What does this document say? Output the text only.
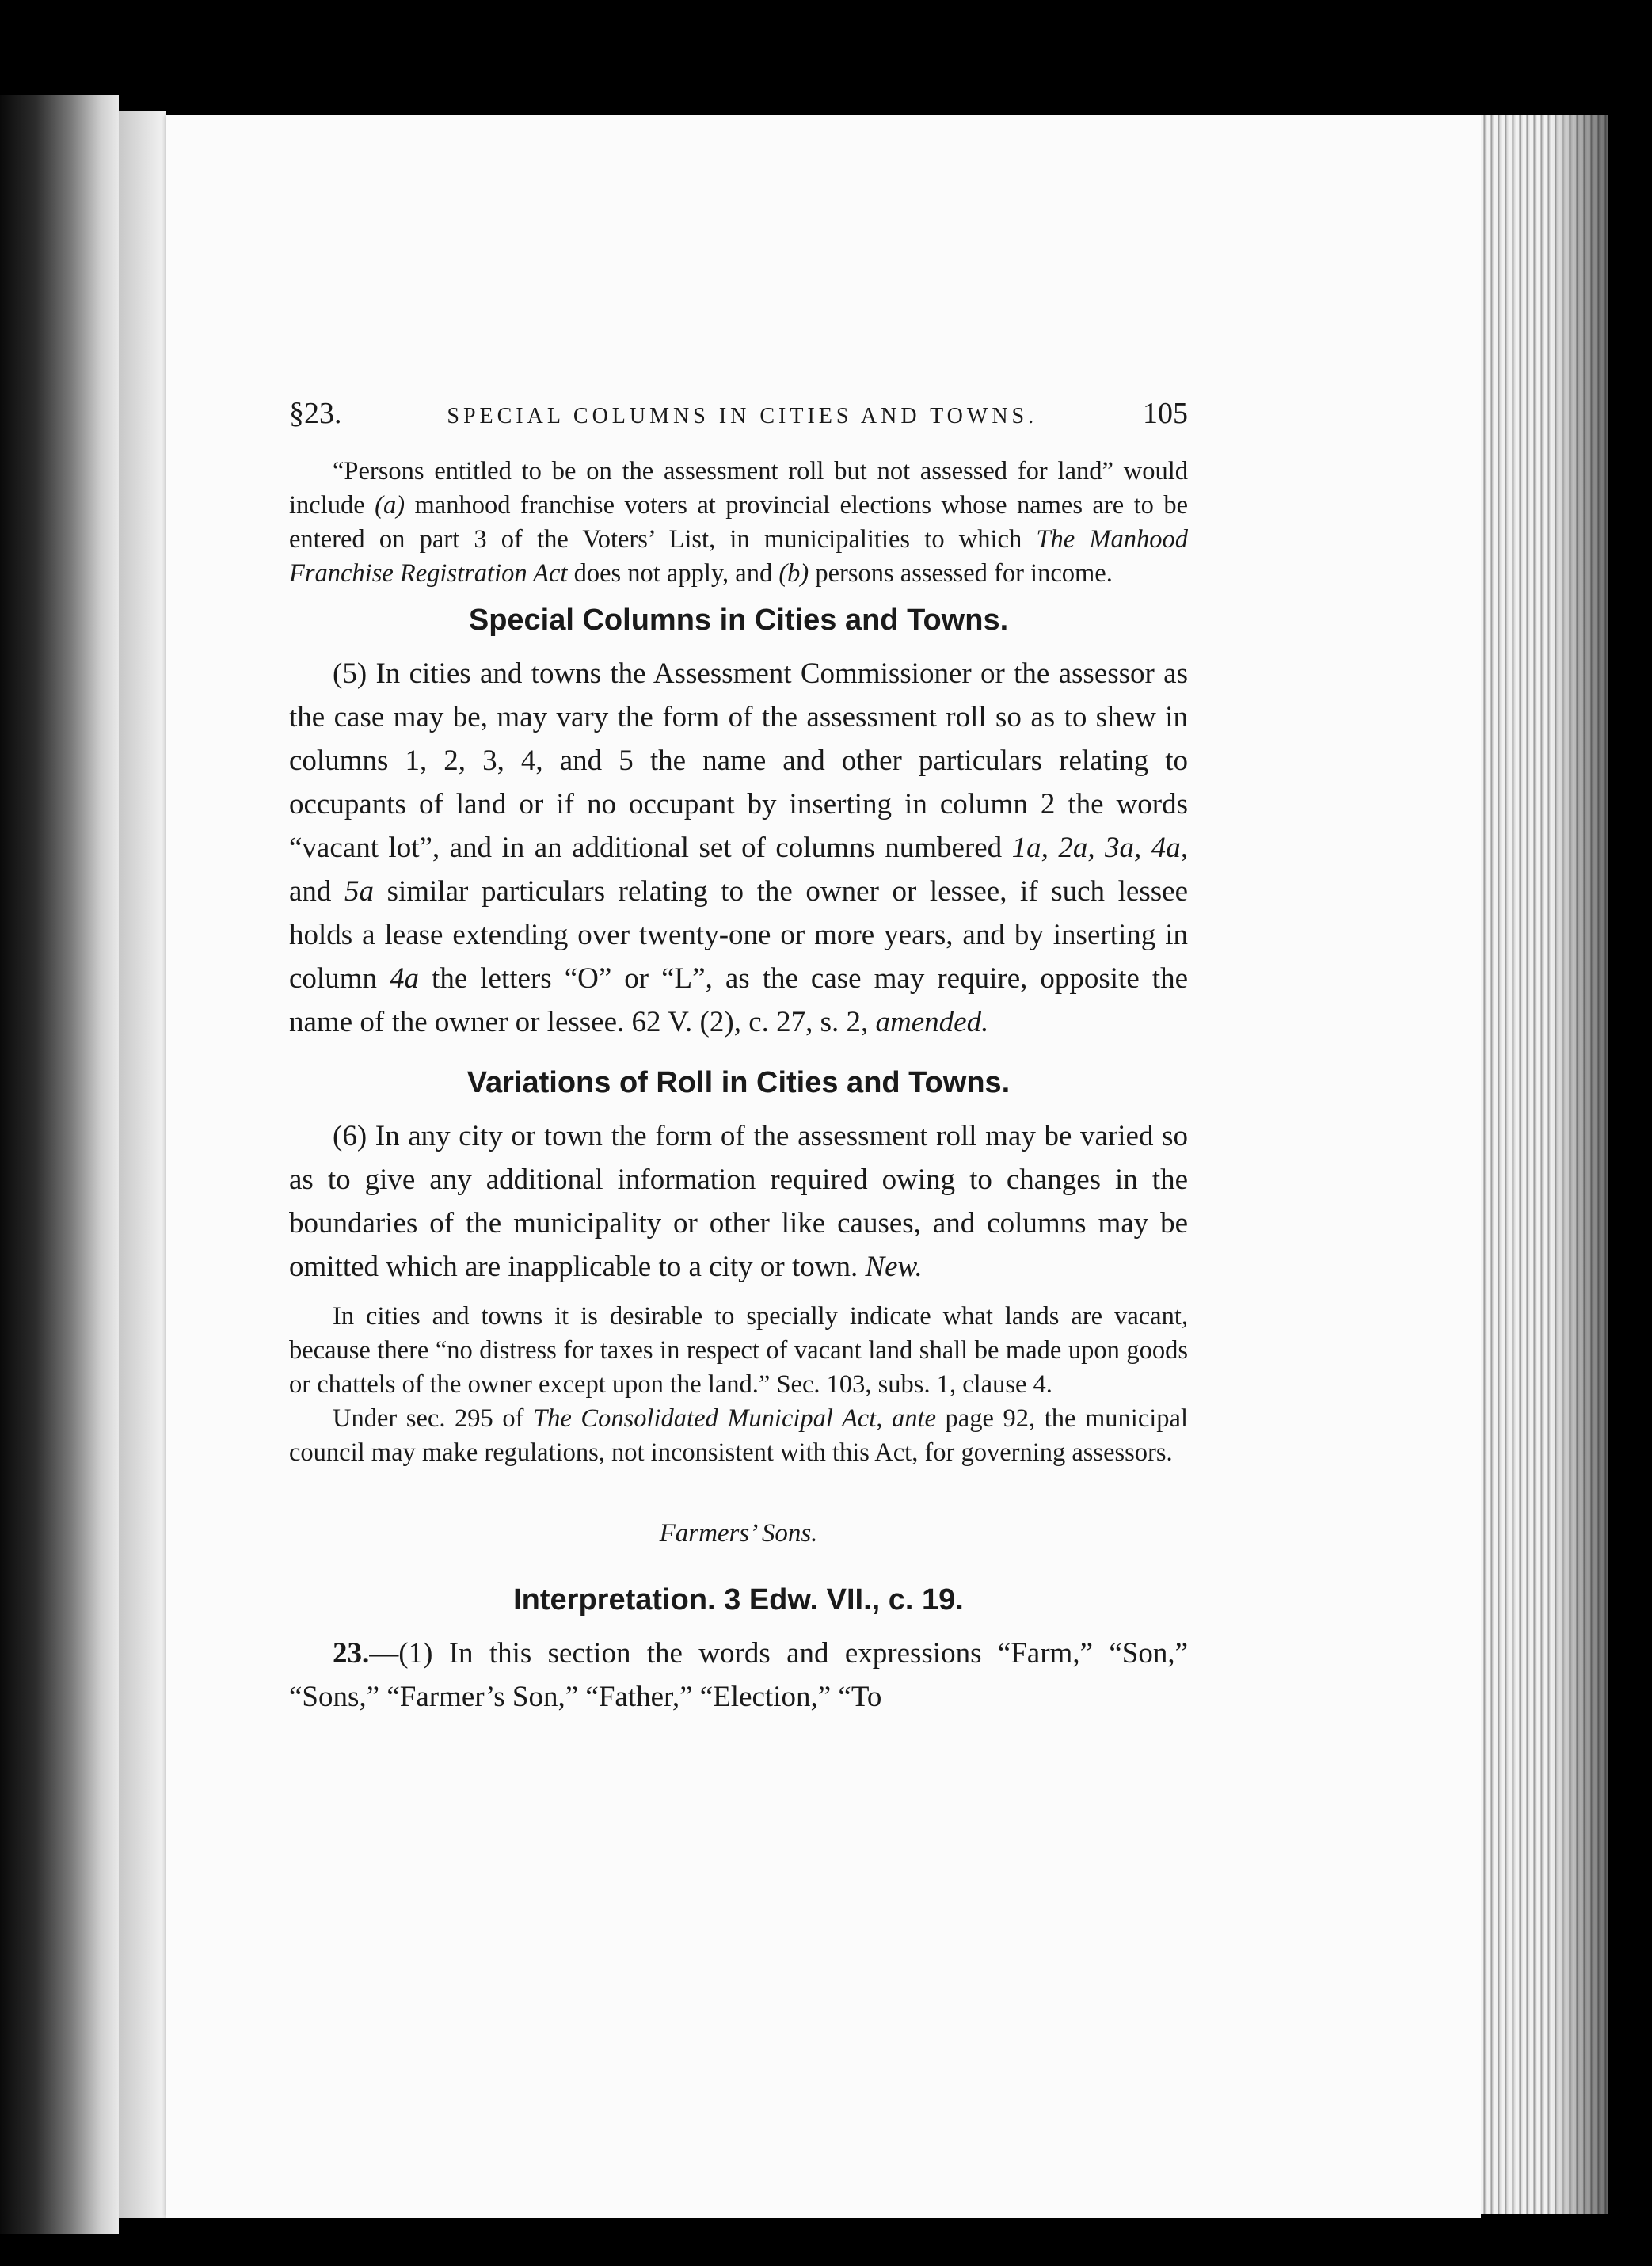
§23.	SPECIAL COLUMNS IN CITIES AND TOWNS.	105

“Persons entitled to be on the assessment roll but not assessed for land” would include (a) manhood franchise voters at provincial elections whose names are to be entered on part 3 of the Voters’ List, in municipalities to which The Manhood Franchise Registration Act does not apply, and (b) persons assessed for income.

Special Columns in Cities and Towns.

(5) In cities and towns the Assessment Commissioner or the assessor as the case may be, may vary the form of the assessment roll so as to shew in columns 1, 2, 3, 4, and 5 the name and other particulars relating to occupants of land or if no occupant by inserting in column 2 the words “vacant lot”, and in an additional set of columns numbered 1a, 2a, 3a, 4a, and 5a similar particulars relating to the owner or lessee, if such lessee holds a lease extending over twenty-one or more years, and by inserting in column 4a the letters “O” or “L”, as the case may require, opposite the name of the owner or lessee. 62 V. (2), c. 27, s. 2, amended.

Variations of Roll in Cities and Towns.

(6) In any city or town the form of the assessment roll may be varied so as to give any additional information required owing to changes in the boundaries of the municipality or other like causes, and columns may be omitted which are inapplicable to a city or town. New.

In cities and towns it is desirable to specially indicate what lands are vacant, because there “no distress for taxes in respect of vacant land shall be made upon goods or chattels of the owner except upon the land.” Sec. 103, subs. 1, clause 4.

Under sec. 295 of The Consolidated Municipal Act, ante page 92, the municipal council may make regulations, not inconsistent with this Act, for governing assessors.

Farmers’ Sons.
Interpretation. 3 Edw. VII., c. 19.

23.—(1) In this section the words and expressions “Farm,” “Son,” “Sons,” “Farmer’s Son,” “Father,” “Election,” “To
